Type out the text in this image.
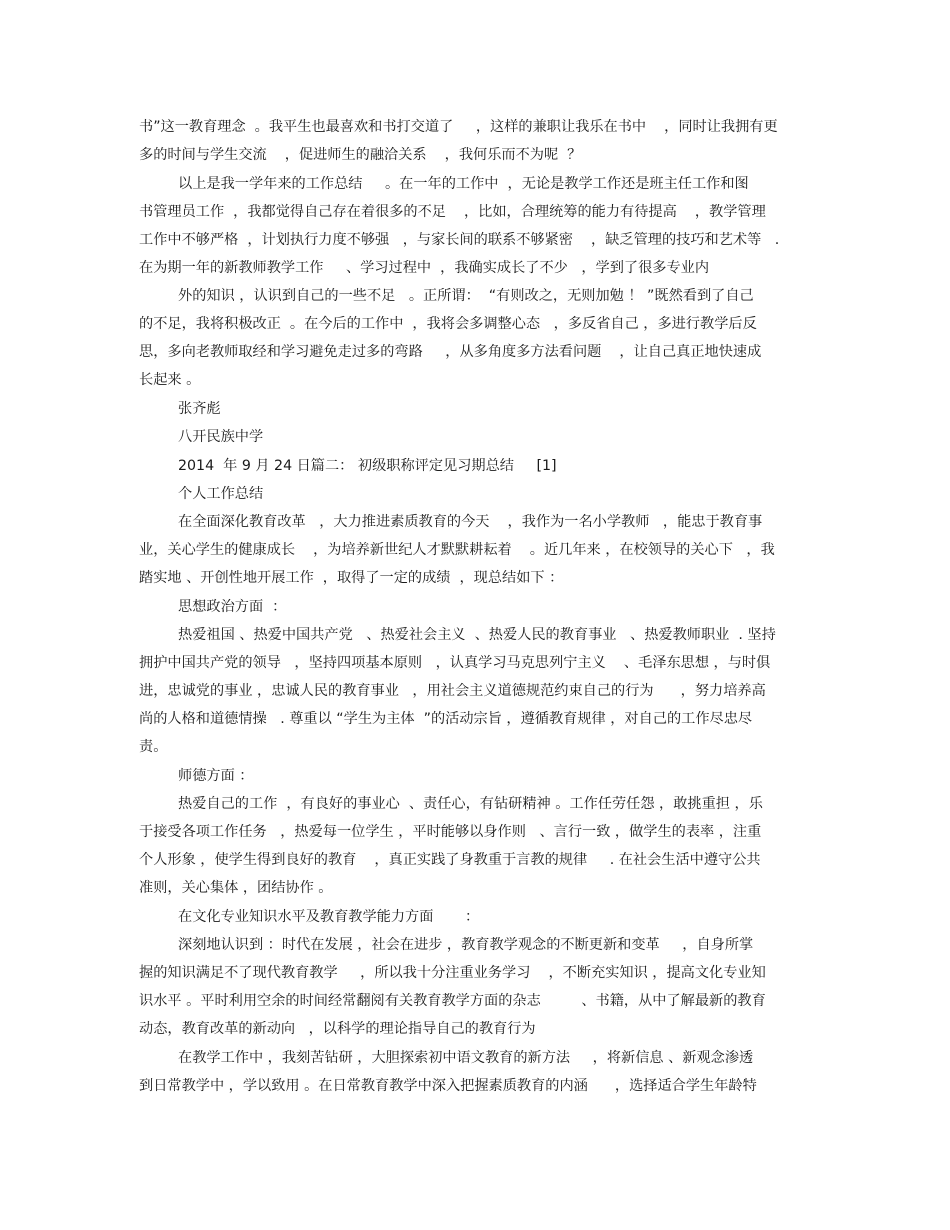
书”这一教育理念  。我平生也最喜欢和书打交道了     ，这样的兼职让我乐在书中    ，同时让我拥有更
多的时间与学生交流    ，促进师生的融洽关系    ，我何乐而不为呢  ？
以上是我一学年来的工作总结     。在一年的工作中  ，无论是教学工作还是班主任工作和图
书管理员工作  ，我都觉得自己存在着很多的不足    ，比如，合理统筹的能力有待提高    ，教学管理
工作中不够严格  ，计划执行力度不够强   ，与家长间的联系不够紧密    ，缺乏管理的技巧和艺术等   .
在为期一年的新教师教学工作     、学习过程中  ，我确实成长了不少   ，学到了很多专业内
外的知识 ，认识到自己的一些不足   。正所谓：  “有则改之，无则加勉 ！ ”既然看到了自己
的不足，我将积极改正  。在今后的工作中  ，我将会多调整心态   ，多反省自己 ，多进行教学后反
思，多向老教师取经和学习避免走过多的弯路     ，从多角度多方法看问题    ，让自己真正地快速成
长起来 。
张齐彪
八开民族中学
2014  年 9 月 24 日篇二： 初级职称评定见习期总结     [1]
个人工作总结
在全面深化教育改革   ，大力推进素质教育的今天    ，我作为一名小学教师   ，能忠于教育事
业，关心学生的健康成长    ，为培养新世纪人才默默耕耘着    。近几年来 ，在校领导的关心下   ，我
踏实地 、开创性地开展工作  ，取得了一定的成绩  ，现总结如下 ：
思想政治方面  ：
热爱祖国 、热爱中国共产党   、热爱社会主义  、热爱人民的教育事业   、热爱教师职业  . 坚持
拥护中国共产党的领导   ，坚持四项基本原则   ，认真学习马克思列宁主义    、毛泽东思想 ，与时俱
进，忠诚党的事业 ，忠诚人民的教育事业   ，用社会主义道德规范约束自己的行为      ，努力培养高
尚的人格和道德情操   . 尊重以 “学生为主体  ”的活动宗旨 ，遵循教育规律 ，对自己的工作尽忠尽
责。
师德方面 ：
热爱自己的工作  ，有良好的事业心  、责任心，有钻研精神 。工作任劳任怨 ，敢挑重担 ，乐
于接受各项工作任务   ，热爱每一位学生 ，平时能够以身作则   、言行一致 ，做学生的表率 ，注重
个人形象 ，使学生得到良好的教育    ，真正实践了身教重于言教的规律     . 在社会生活中遵守公共
准则，关心集体 ，团结协作 。
在文化专业知识水平及教育教学能力方面       ：
深刻地认识到 ：时代在发展 ，社会在进步 ，教育教学观念的不断更新和变革     ，自身所掌
握的知识满足不了现代教育教学     ，所以我十分注重业务学习    ，不断充实知识 ，提高文化专业知
识水平 。平时利用空余的时间经常翻阅有关教育教学方面的杂志         、书籍，从中了解最新的教育
动态，教育改革的新动向   ，以科学的理论指导自己的教育行为
在教学工作中 ，我刻苦钻研 ，大胆探索初中语文教育的新方法     ，将新信息 、新观念渗透
到日常教学中 ，学以致用 。在日常教育教学中深入把握素质教育的内涵      ，选择适合学生年龄特
